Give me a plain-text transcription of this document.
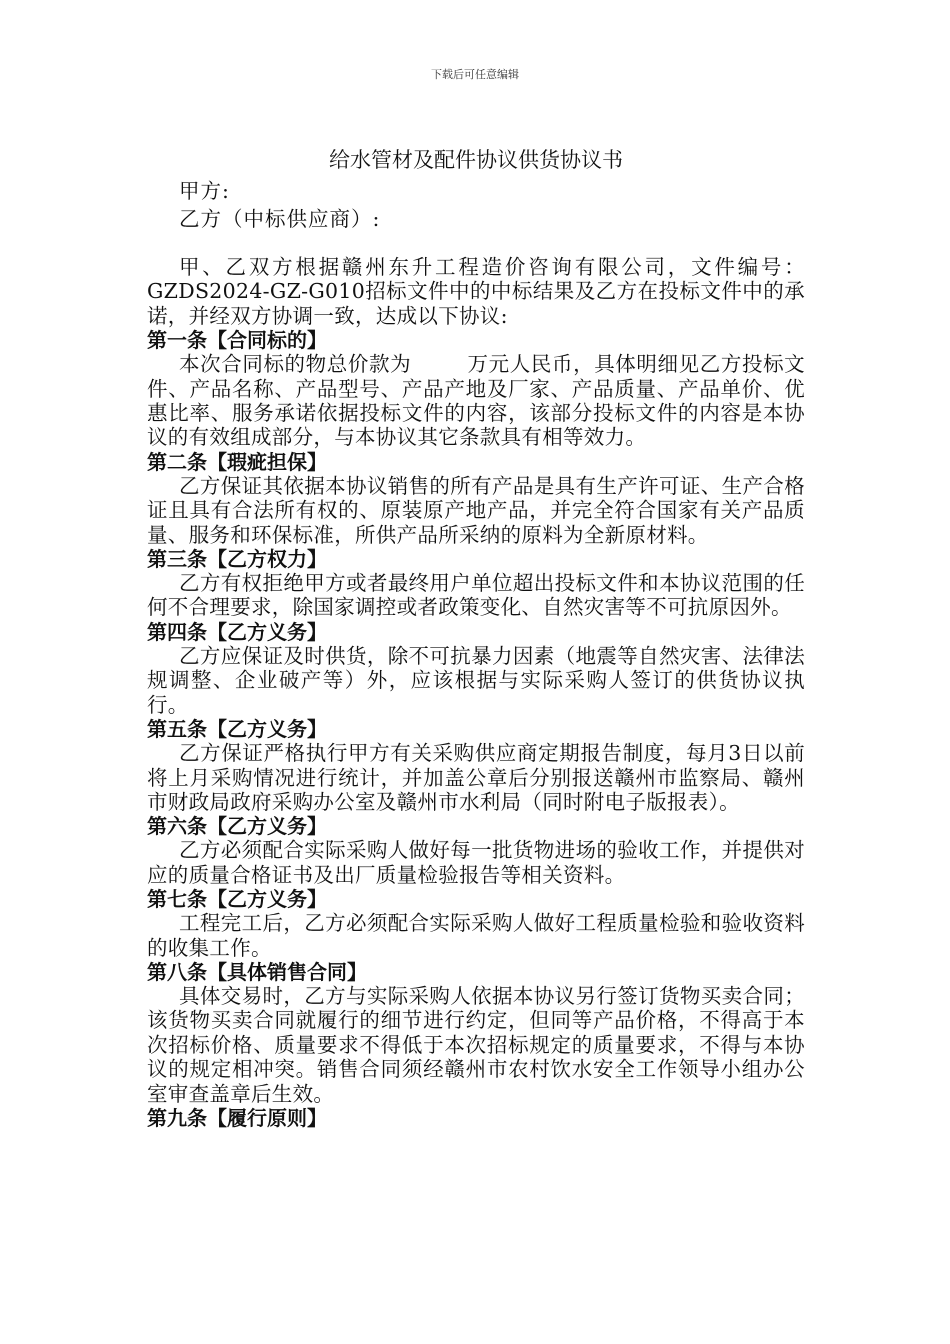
下载后可任意编辑
给水管材及配件协议供货协议书
甲方:
乙方（中标供应商）:

甲、乙双方根据赣州东升工程造价咨询有限公司，文件编号：GZDS2024-GZ-G010招标文件中的中标结果及乙方在投标文件中的承诺，并经双方协调一致，达成以下协议:

第一条【合同标的】

本次合同标的物总价款为	万元人民币，具体明细见乙方投标文件、产品名称、产品型号、产品产地及厂家、产品质量、产品单价、优惠比率、服务承诺依据投标文件的内容，该部分投标文件的内容是本协议的有效组成部分，与本协议其它条款具有相等效力。

第二条【瑕疵担保】

乙方保证其依据本协议销售的所有产品是具有生产许可证、生产合格证且具有合法所有权的、原装原产地产品，并完全符合国家有关产品质量、服务和环保标准，所供产品所采纳的原料为全新原材料。

第三条【乙方权力】

乙方有权拒绝甲方或者最终用户单位超出投标文件和本协议范围的任何不合理要求，除国家调控或者政策变化、自然灾害等不可抗原因外。

第四条【乙方义务】

乙方应保证及时供货，除不可抗暴力因素（地震等自然灾害、法律法规调整、企业破产等）外，应该根据与实际采购人签订的供货协议执行。

第五条【乙方义务】

乙方保证严格执行甲方有关采购供应商定期报告制度，每月3日以前将上月采购情况进行统计，并加盖公章后分别报送赣州市监察局、赣州市财政局政府采购办公室及赣州市水利局（同时附电子版报表）。

第六条【乙方义务】

乙方必须配合实际采购人做好每一批货物进场的验收工作，并提供对应的质量合格证书及出厂质量检验报告等相关资料。

第七条【乙方义务】

工程完工后，乙方必须配合实际采购人做好工程质量检验和验收资料的收集工作。

第八条【具体销售合同】

具体交易时，乙方与实际采购人依据本协议另行签订货物买卖合同；该货物买卖合同就履行的细节进行约定，但同等产品价格，不得高于本次招标价格、质量要求不得低于本次招标规定的质量要求，不得与本协议的规定相冲突。销售合同须经赣州市农村饮水安全工作领导小组办公室审查盖章后生效。

第九条【履行原则】
